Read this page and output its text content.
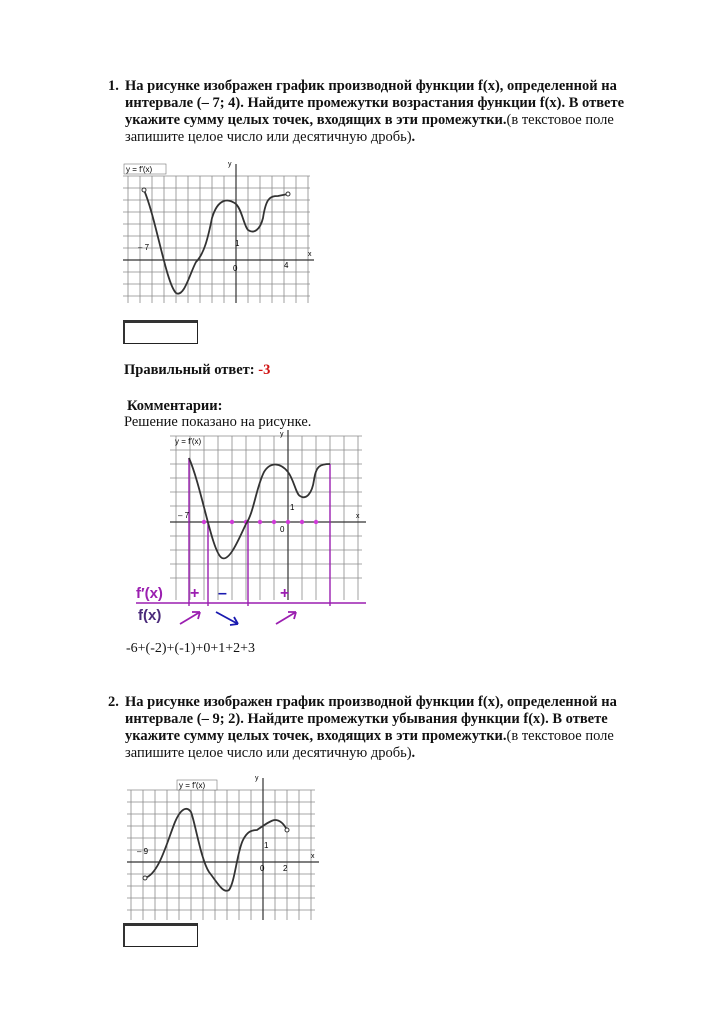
1. На рисунке изображен график производной функции f(x), определенной на интервале (– 7; 4). Найдите промежутки возрастания функции f(x). В ответе укажите сумму целых точек, входящих в эти промежутки.(в текстовое поле запишите целое число или десятичную дробь).
y = f′(x)
y
x
– 7	1
0	4
Правильный ответ: -3
Комментарии:
Решение показано на рисунке.
y = f′(x)
y
x
– 7
1
0
f′(x)
f(x)
+ –	+
-6+(-2)+(-1)+0+1+2+3
2. На рисунке изображен график производной функции f(x), определенной на интервале (– 9; 2). Найдите промежутки убывания функции f(x). В ответе укажите сумму целых точек, входящих в эти промежутки.(в текстовое поле запишите целое число или десятичную дробь).
y = f′(x)
y
x
– 9
1
0 2
